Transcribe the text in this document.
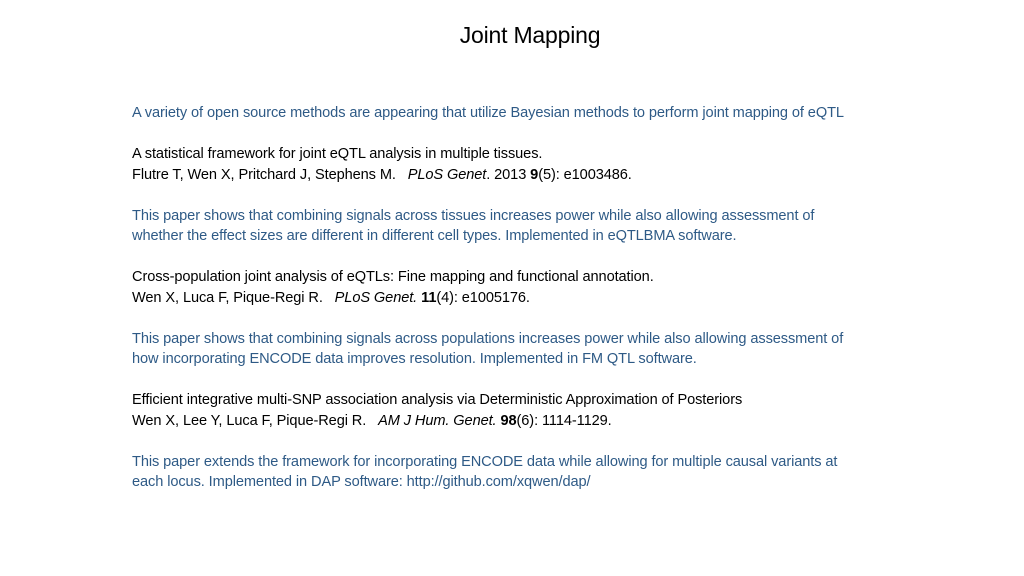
Joint Mapping
A variety of open source methods are appearing that utilize Bayesian methods to perform joint mapping of eQTL
A statistical framework for joint eQTL analysis in multiple tissues.
Flutre T, Wen X, Pritchard J, Stephens M. PLoS Genet. 2013 9(5): e1003486.
This paper shows that combining signals across tissues increases power while also allowing assessment of
whether the effect sizes are different in different cell types. Implemented in eQTLBMA software.
Cross-population joint analysis of eQTLs: Fine mapping and functional annotation.
Wen X, Luca F, Pique-Regi R. PLoS Genet. 11(4): e1005176.
This paper shows that combining signals across populations increases power while also allowing assessment of
how incorporating ENCODE data improves resolution. Implemented in FM QTL software.
Efficient integrative multi-SNP association analysis via Deterministic Approximation of Posteriors
Wen X, Lee Y, Luca F, Pique-Regi R. AM J Hum. Genet. 98(6): 1114-1129.
This paper extends the framework for incorporating ENCODE data while allowing for multiple causal variants at
each locus. Implemented in DAP software: http://github.com/xqwen/dap/
